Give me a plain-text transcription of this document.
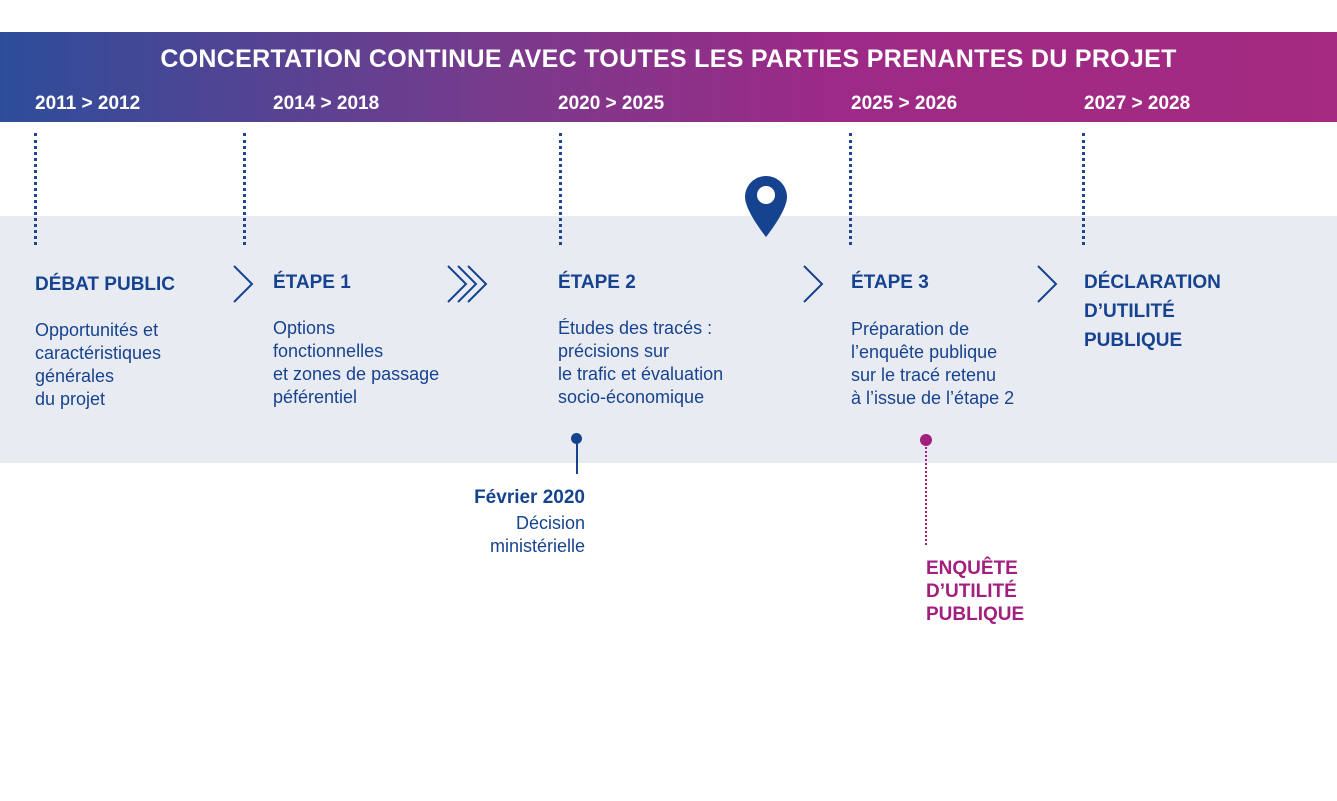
CONCERTATION CONTINUE AVEC TOUTES LES PARTIES PRENANTES DU PROJET
2011 > 2012	2014 > 2018	2020 > 2025	2025 > 2026	2027 > 2028
DÉBAT PUBLIC
Opportunités et
caractéristiques
générales
du projet
ÉTAPE 1
Options
fonctionnelles
et zones de passage
péférentiel
ÉTAPE 2
Études des tracés :
précisions sur
le trafic et évaluation
socio-économique
ÉTAPE 3
Préparation de
l’enquête publique
sur le tracé retenu
à l’issue de l’étape 2
DÉCLARATION
D’UTILITÉ
PUBLIQUE
Février 2020
Décision
ministérielle
ENQUÊTE
D’UTILITÉ
PUBLIQUE
